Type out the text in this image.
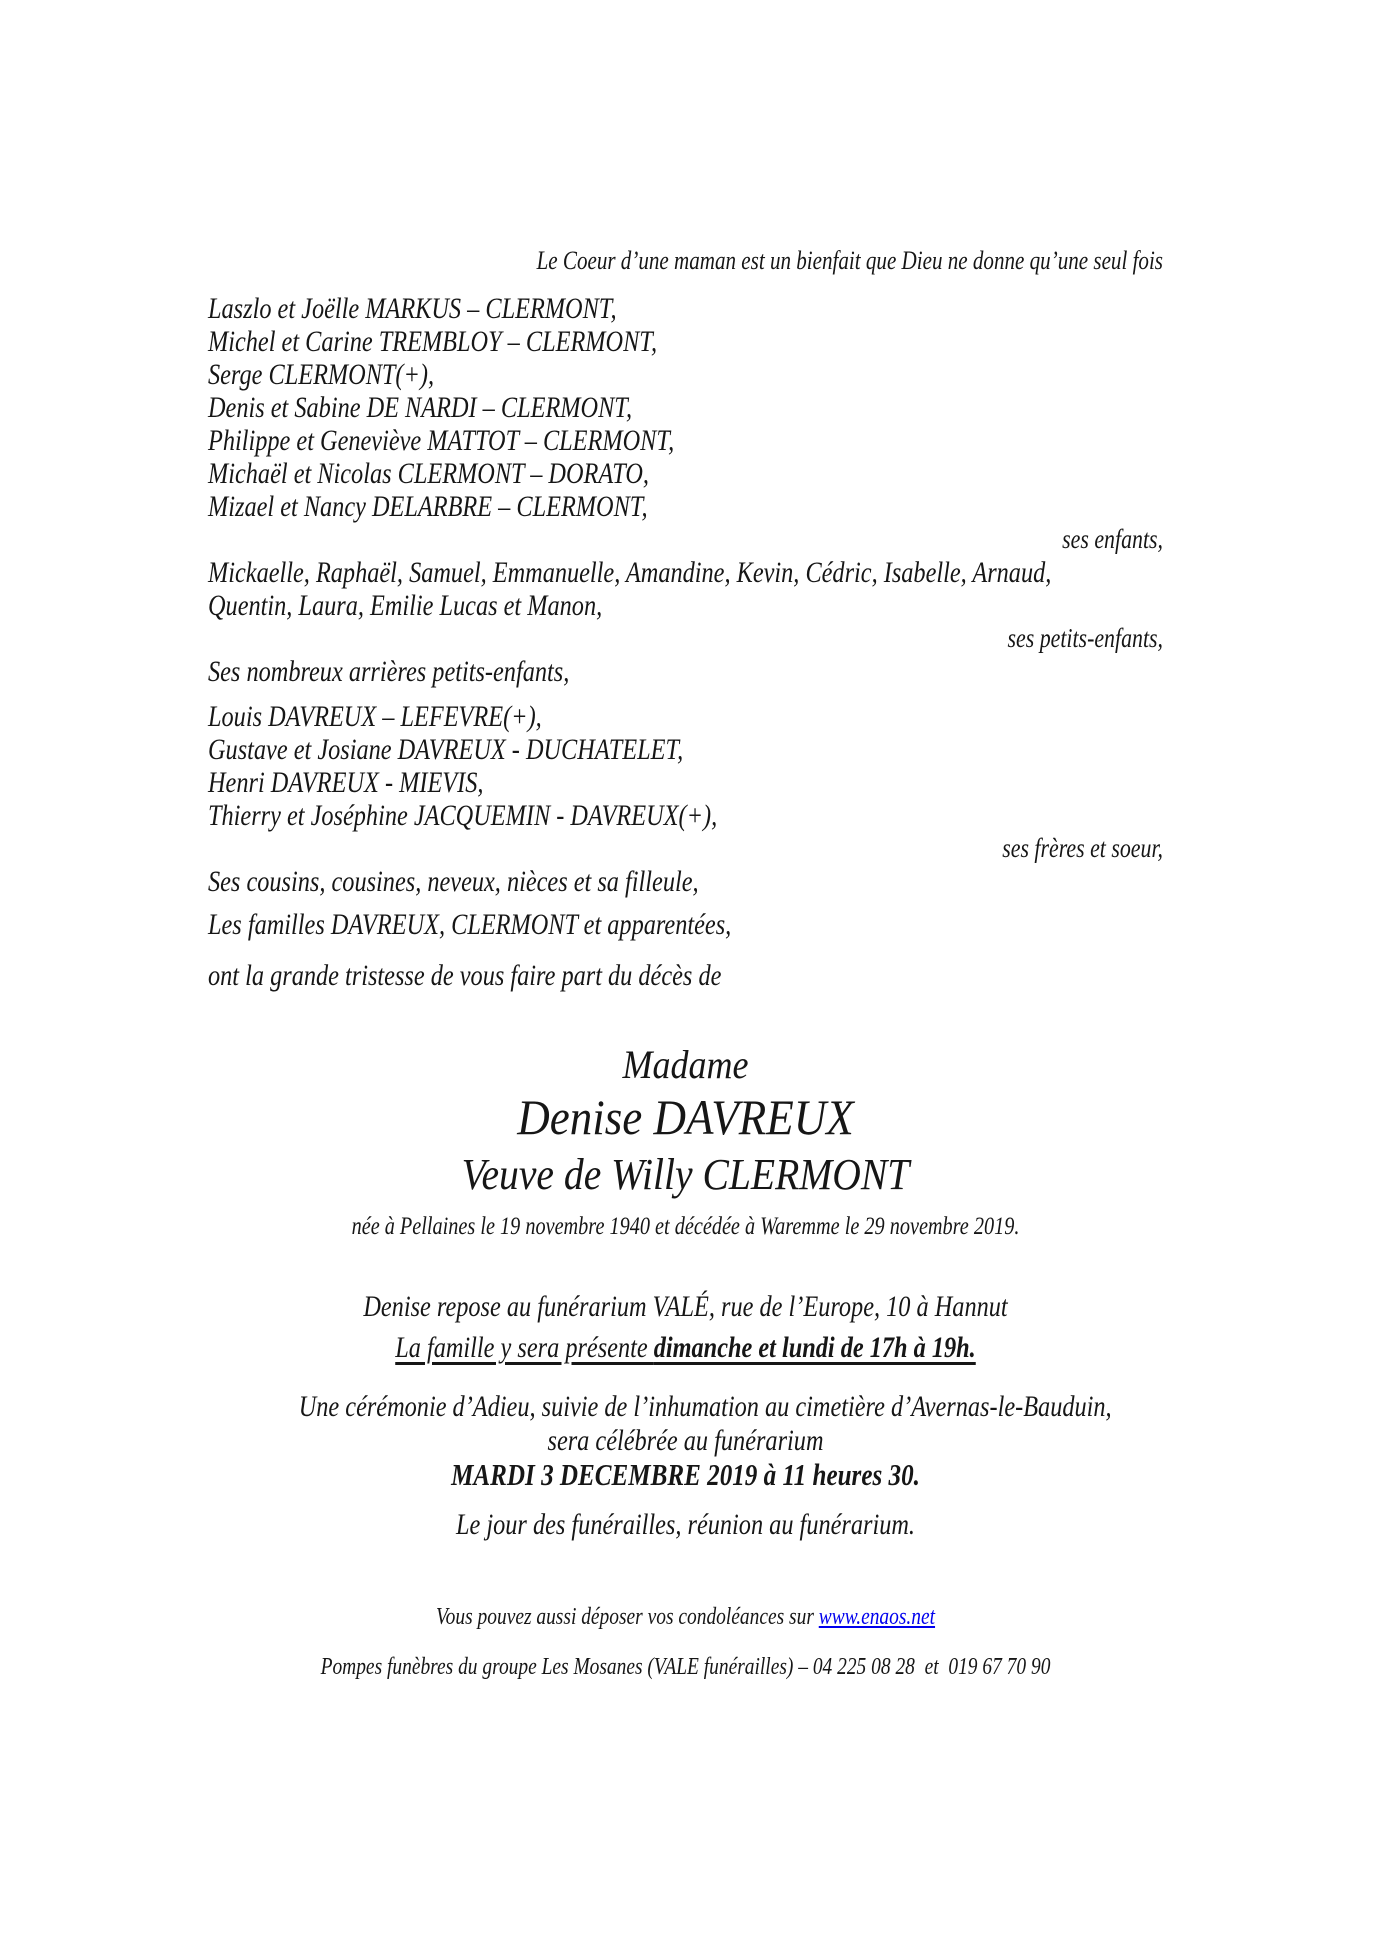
Le Coeur d’une maman est un bienfait que Dieu ne donne qu’une seul fois
Laszlo et Joëlle MARKUS – CLERMONT,
Michel et Carine TREMBLOY – CLERMONT,
Serge CLERMONT(+),
Denis et Sabine DE NARDI – CLERMONT,
Philippe et Geneviève MATTOT – CLERMONT,
Michaël et Nicolas CLERMONT – DORATO,
Mizael et Nancy DELARBRE – CLERMONT,
ses enfants,
Mickaelle, Raphaël, Samuel, Emmanuelle, Amandine, Kevin, Cédric, Isabelle, Arnaud,
Quentin, Laura, Emilie Lucas et Manon,
ses petits-enfants,
Ses nombreux arrières petits-enfants,
Louis DAVREUX – LEFEVRE(+),
Gustave et Josiane DAVREUX - DUCHATELET,
Henri DAVREUX - MIEVIS,
Thierry et Joséphine JACQUEMIN - DAVREUX(+),
ses frères et soeur,
Ses cousins, cousines, neveux, nièces et sa filleule,
Les familles DAVREUX, CLERMONT et apparentées,
ont la grande tristesse de vous faire part du décès de
Madame
Denise DAVREUX
Veuve de Willy CLERMONT
née à Pellaines le 19 novembre 1940 et décédée à Waremme le 29 novembre 2019.
Denise repose au funérarium VALÉ, rue de l’Europe, 10 à Hannut
La famille y sera présente dimanche et lundi de 17h à 19h.
Une cérémonie d’Adieu, suivie de l’inhumation au cimetière d’Avernas-le-Bauduin,
sera célébrée au funérarium
MARDI 3 DECEMBRE 2019 à 11 heures 30.
Le jour des funérailles, réunion au funérarium.
Vous pouvez aussi déposer vos condoléances sur www.enaos.net
Pompes funèbres du groupe Les Mosanes (VALE funérailles) – 04 225 08 28  et  019 67 70 90
